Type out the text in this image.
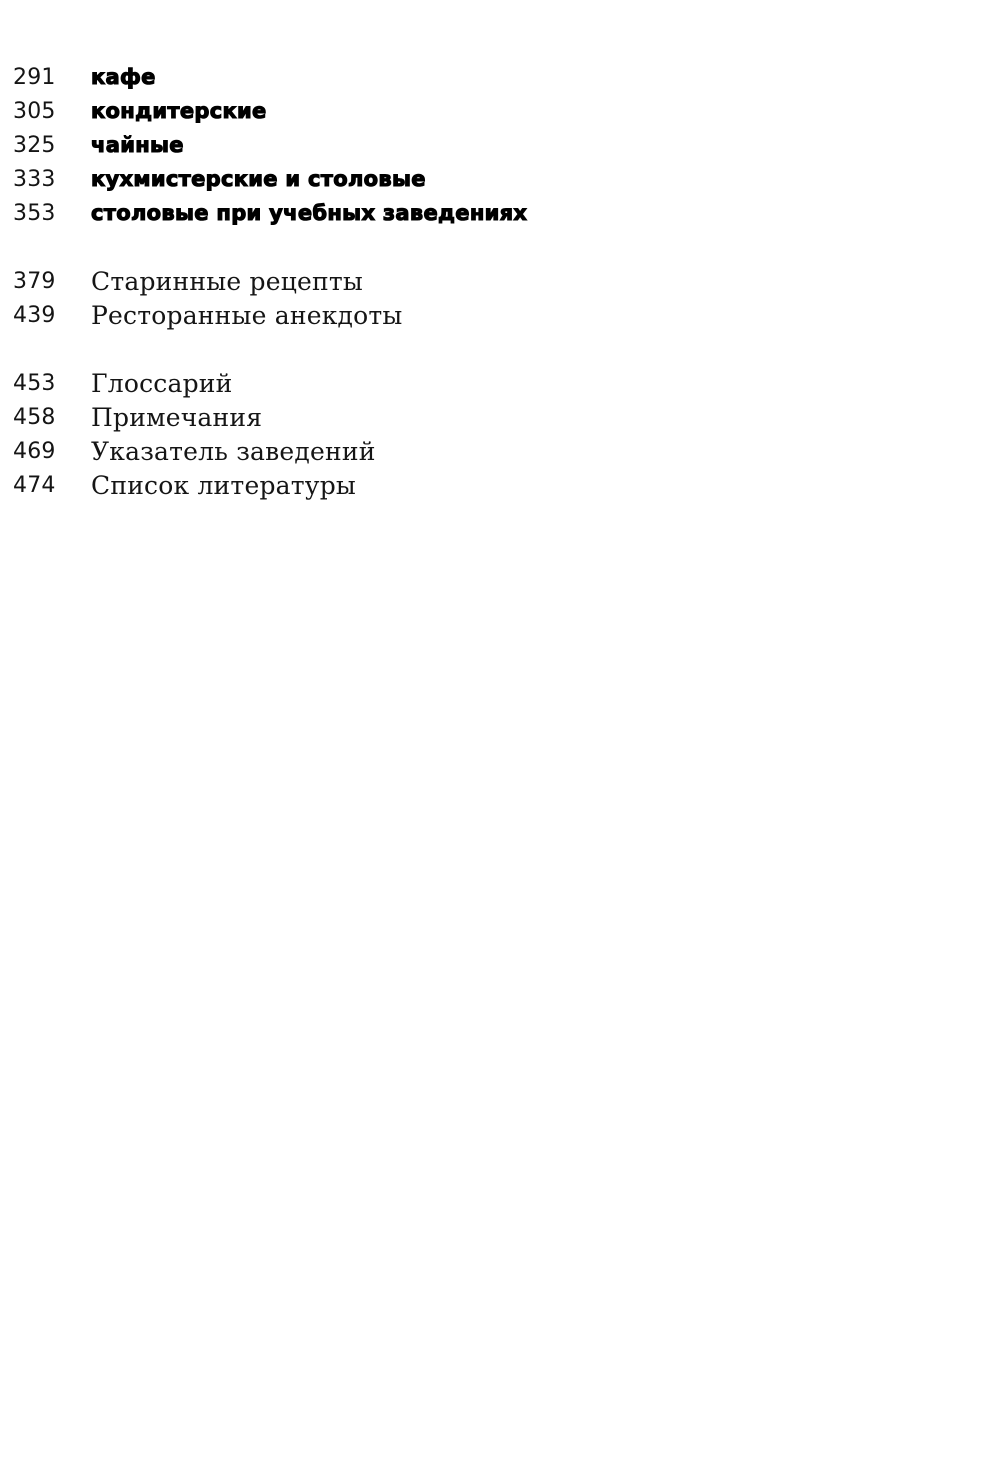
291	кафе
305	кондитерские
325	чайные
333	кухмистерские и столовые
353	столовые при учебных заведениях
379	Старинные рецепты
439	Ресторанные анекдоты
453	Глоссарий
458	Примечания
469	Указатель заведений
474	Список литературы
